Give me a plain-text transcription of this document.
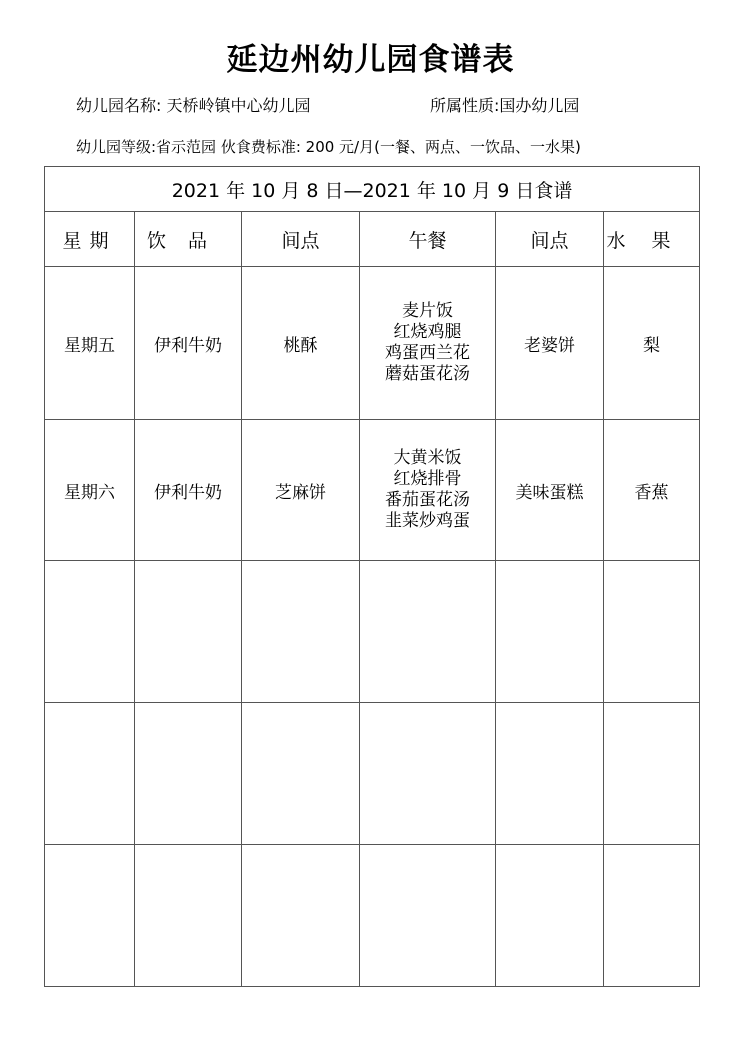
延边州幼儿园食谱表
幼儿园名称: 天桥岭镇中心幼儿园	所属性质:国办幼儿园
幼儿园等级:省示范园 伙食费标准: 200 元/月(一餐、两点、一饮品、一水果)
2021 年 10 月 8 日—2021 年 10 月 9 日食谱					
星期	饮品	间点	午餐	间点	水果
星期五	伊利牛奶	桃酥	麦片饭
红烧鸡腿
鸡蛋西兰花
蘑菇蛋花汤	老婆饼	梨
星期六	伊利牛奶	芝麻饼	大黄米饭
红烧排骨
番茄蛋花汤
韭菜炒鸡蛋	美味蛋糕	香蕉
